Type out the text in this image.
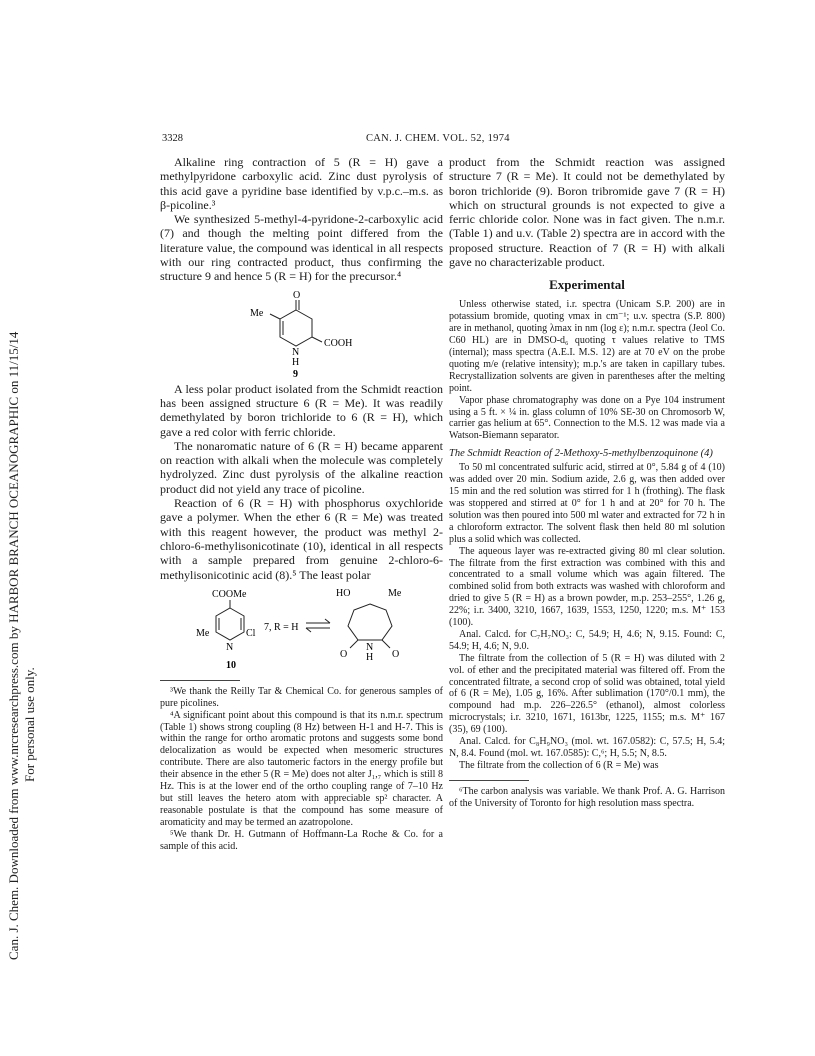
Can. J. Chem. Downloaded from www.nrcresearchpress.com by HARBOR BRANCH OCEANOGRAPHIC on 11/15/14 For personal use only.
3328	CAN. J. CHEM. VOL. 52, 1974

Alkaline ring contraction of 5 (R = H) gave a methylpyridone carboxylic acid. Zinc dust pyrolysis of this acid gave a pyridine base identified by v.p.c.–m.s. as β-picoline.³

We synthesized 5-methyl-4-pyridone-2-carboxylic acid (7) and though the melting point differed from the literature value, the compound was identical in all respects with our ring contracted product, thus confirming the structure 9 and hence 5 (R = H) for the precursor.⁴

O
Me
COOH
N
H
9

A less polar product isolated from the Schmidt reaction has been assigned structure 6 (R = Me). It was readily demethylated by boron trichloride to 6 (R = H), which gave a red color with ferric chloride.

The nonaromatic nature of 6 (R = H) became apparent on reaction with alkali when the molecule was completely hydrolyzed. Zinc dust pyrolysis of the alkaline reaction product did not yield any trace of picoline.

Reaction of 6 (R = H) with phosphorus oxychloride gave a polymer. When the ether 6 (R = Me) was treated with this reagent however, the product was methyl 2-chloro-6-methylisonicotinate (10), identical in all respects with a sample prepared from genuine 2-chloro-6-methylisonicotinic acid (8).⁵ The least polar

COOMe
Me
N
Cl
10
7, R = H
HO	Me
O	O
N
H

³We thank the Reilly Tar & Chemical Co. for generous samples of pure picolines.

⁴A significant point about this compound is that its n.m.r. spectrum (Table 1) shows strong coupling (8 Hz) between H-1 and H-7. This is within the range for ortho aromatic protons and suggests some bond delocalization as would be expected when mesomeric structures contribute. There are also tautomeric factors in the energy profile but their absence in the ether 5 (R = Me) does not alter J₁,₇ which is still 8 Hz. This is at the lower end of the ortho coupling range of 7–10 Hz but still leaves the hetero atom with appreciable sp² character. A reasonable postulate is that the compound has some measure of aromaticity and may be termed an azatropolone.

⁵We thank Dr. H. Gutmann of Hoffmann-La Roche & Co. for a sample of this acid.

product from the Schmidt reaction was assigned structure 7 (R = Me). It could not be demethylated by boron trichloride (9). Boron tribromide gave 7 (R = H) which on structural grounds is not expected to give a ferric chloride color. None was in fact given. The n.m.r. (Table 1) and u.v. (Table 2) spectra are in accord with the proposed structure. Reaction of 7 (R = H) with alkali gave no characterizable product.

Experimental

Unless otherwise stated, i.r. spectra (Unicam S.P. 200) are in potassium bromide, quoting νmax in cm⁻¹; u.v. spectra (S.P. 800) are in methanol, quoting λmax in nm (log ε); n.m.r. spectra (Jeol Co. C60 HL) are in DMSO-d₆ quoting τ values relative to TMS (internal); mass spectra (A.E.I. M.S. 12) are at 70 eV on the probe quoting m/e (relative intensity); m.p.'s are taken in capillary tubes. Recrystallization solvents are given in parentheses after the melting point.

Vapor phase chromatography was done on a Pye 104 instrument using a 5 ft. × ¼ in. glass column of 10% SE-30 on Chromosorb W, carrier gas helium at 65°. Connection to the M.S. 12 was made via a Watson-Biemann separator.

The Schmidt Reaction of 2-Methoxy-5-methylbenzoquinone (4)

To 50 ml concentrated sulfuric acid, stirred at 0°, 5.84 g of 4 (10) was added over 20 min. Sodium azide, 2.6 g, was then added over 15 min and the red solution was stirred for 1 h (frothing). The flask was stoppered and stirred at 0° for 1 h and at 20° for 70 h. The solution was then poured into 500 ml water and extracted for 72 h in a chloroform extractor. The solvent flask then held 80 ml solution plus a solid which was collected.

The aqueous layer was re-extracted giving 80 ml clear solution. The filtrate from the first extraction was combined with this and concentrated to a small volume which was again filtered. The combined solid from both extracts was washed with chloroform and dried to give 5 (R = H) as a brown powder, m.p. 253–255°, 1.26 g, 22%; i.r. 3400, 3210, 1667, 1639, 1553, 1250, 1220; m.s. M⁺ 153 (100).

Anal. Calcd. for C₇H₇NO₃: C, 54.9; H, 4.6; N, 9.15. Found: C, 54.9; H, 4.6; N, 9.0.

The filtrate from the collection of 5 (R = H) was diluted with 2 vol. of ether and the precipitated material was filtered off. From the concentrated filtrate, a second crop of solid was obtained, total yield of 6 (R = Me), 1.05 g, 16%. After sublimation (170°/0.1 mm), the compound had m.p. 226–226.5° (ethanol), almost colorless microcrystals; i.r. 3210, 1671, 1613br, 1225, 1155; m.s. M⁺ 167 (35), 69 (100).

Anal. Calcd. for C₈H₉NO₃ (mol. wt. 167.0582): C, 57.5; H, 5.4; N, 8.4. Found (mol. wt. 167.0585): C,⁶; H, 5.5; N, 8.5.

The filtrate from the collection of 6 (R = Me) was

⁶The carbon analysis was variable. We thank Prof. A. G. Harrison of the University of Toronto for high resolution mass spectra.
